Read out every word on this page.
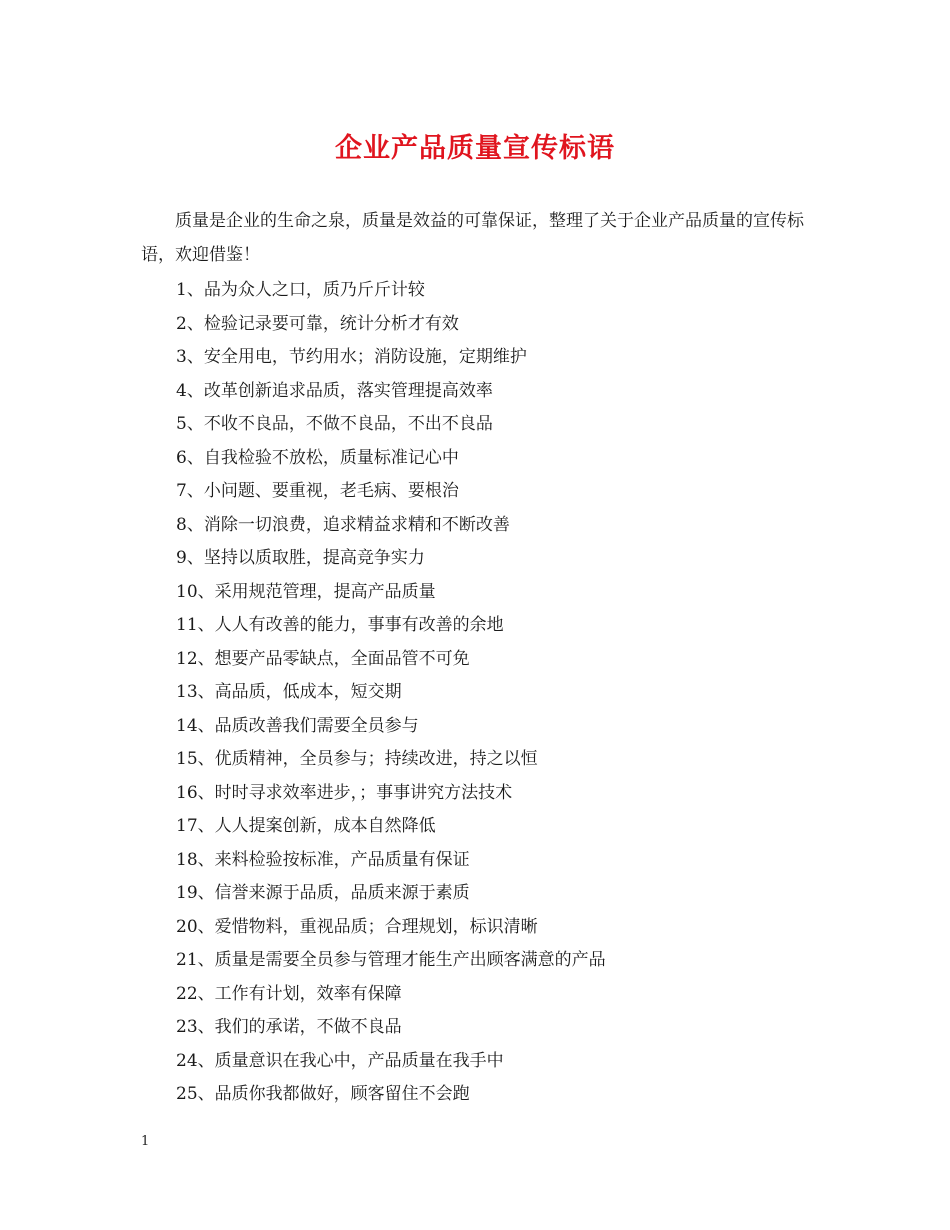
企业产品质量宣传标语

质量是企业的生命之泉，质量是效益的可靠保证，整理了关于企业产品质量的宣传标语，欢迎借鉴！

1、品为众人之口，质乃斤斤计较
2、检验记录要可靠，统计分析才有效
3、安全用电，节约用水；消防设施，定期维护
4、改革创新追求品质，落实管理提高效率
5、不收不良品，不做不良品，不出不良品
6、自我检验不放松，质量标准记心中
7、小问题、要重视，老毛病、要根治
8、消除一切浪费，追求精益求精和不断改善
9、坚持以质取胜，提高竞争实力
10、采用规范管理，提高产品质量
11、人人有改善的能力，事事有改善的余地
12、想要产品零缺点，全面品管不可免
13、高品质，低成本，短交期
14、品质改善我们需要全员参与
15、优质精神，全员参与；持续改进，持之以恒
16、时时寻求效率进步，；事事讲究方法技术
17、人人提案创新，成本自然降低
18、来料检验按标准，产品质量有保证
19、信誉来源于品质，品质来源于素质
20、爱惜物料，重视品质；合理规划，标识清晰
21、质量是需要全员参与管理才能生产出顾客满意的产品
22、工作有计划，效率有保障
23、我们的承诺，不做不良品
24、质量意识在我心中，产品质量在我手中
25、品质你我都做好，顾客留住不会跑
1
